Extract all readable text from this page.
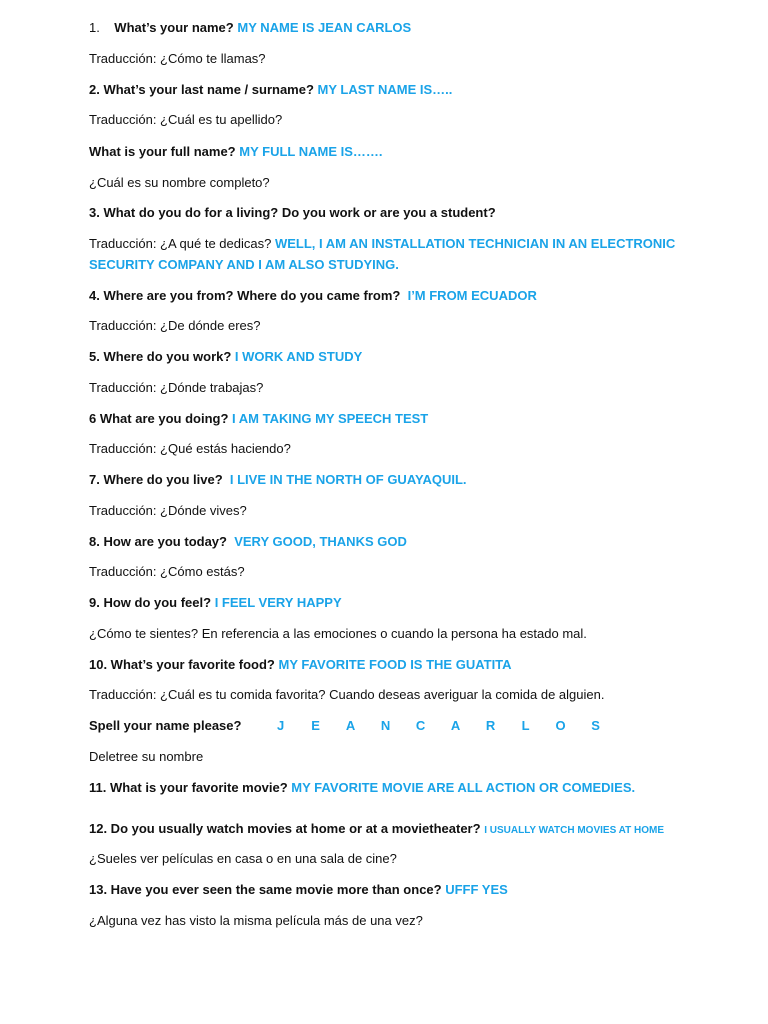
1. What’s your name? MY NAME IS JEAN CARLOS
Traducción: ¿Cómo te llamas?
2. What’s your last name / surname? MY LAST NAME IS…..
Traducción: ¿Cuál es tu apellido?
What is your full name? MY FULL NAME IS…….
¿Cuál es su nombre completo?
3. What do you do for a living? Do you work or are you a student?
Traducción: ¿A qué te dedicas? WELL, I AM AN INSTALLATION TECHNICIAN IN AN ELECTRONIC SECURITY COMPANY AND I AM ALSO STUDYING.
4. Where are you from? Where do you came from? I’M FROM ECUADOR
Traducción: ¿De dónde eres?
5. Where do you work? I WORK AND STUDY
Traducción: ¿Dónde trabajas?
6 What are you doing? I AM TAKING MY SPEECH TEST
Traducción: ¿Qué estás haciendo?
7. Where do you live? I LIVE IN THE NORTH OF GUAYAQUIL.
Traducción: ¿Dónde vives?
8. How are you today? VERY GOOD, THANKS GOD
Traducción: ¿Cómo estás?
9. How do you feel? I FEEL VERY HAPPY
¿Cómo te sientes? En referencia a las emociones o cuando la persona ha estado mal.
10. What’s your favorite food? MY FAVORITE FOOD IS THE GUATITA
Traducción: ¿Cuál es tu comida favorita? Cuando deseas averiguar la comida de alguien.
Spell your name please?	J E A N C A R L O S
Deletree su nombre
11. What is your favorite movie? MY FAVORITE MOVIE ARE ALL ACTION OR COMEDIES.
12. Do you usually watch movies at home or at a movietheater? I USUALLY WATCH MOVIES AT HOME
¿Sueles ver películas en casa o en una sala de cine?
13. Have you ever seen the same movie more than once? UFFF YES
¿Alguna vez has visto la misma película más de una vez?
